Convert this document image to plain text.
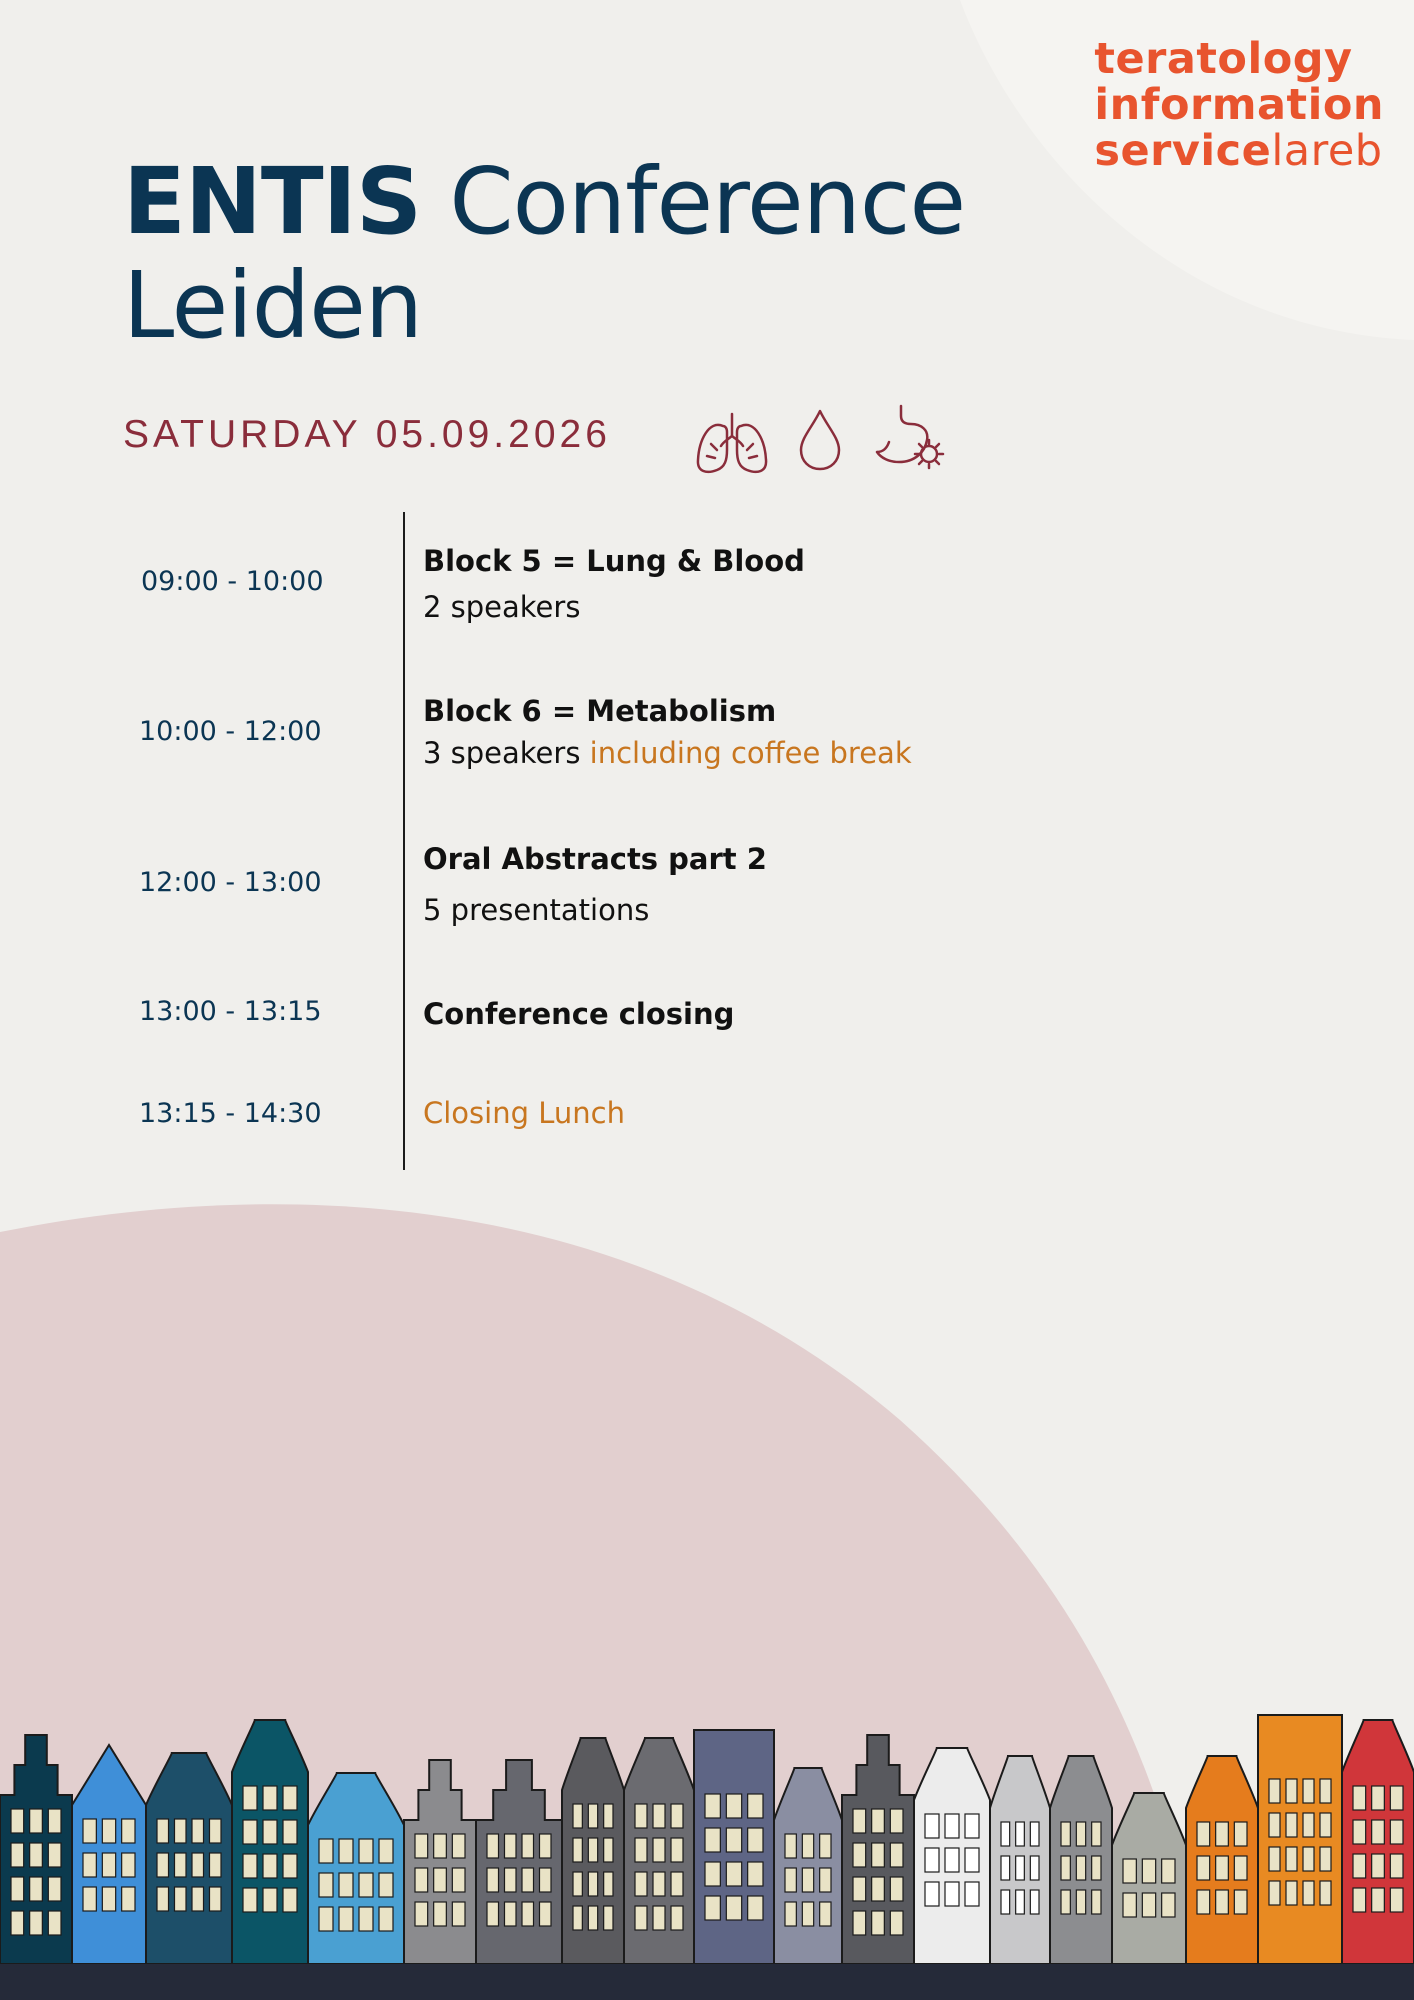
teratology
information
servicelareb
ENTIS Conference
Leiden
SATURDAY 05.09.2026
09:00 - 10:00
Block 5 = Lung & Blood
2 speakers
10:00 - 12:00
Block 6 = Metabolism
3 speakers including coffee break
12:00 - 13:00
Oral Abstracts part 2
5 presentations
13:00 - 13:15	Conference closing
13:15 - 14:30	Closing Lunch
